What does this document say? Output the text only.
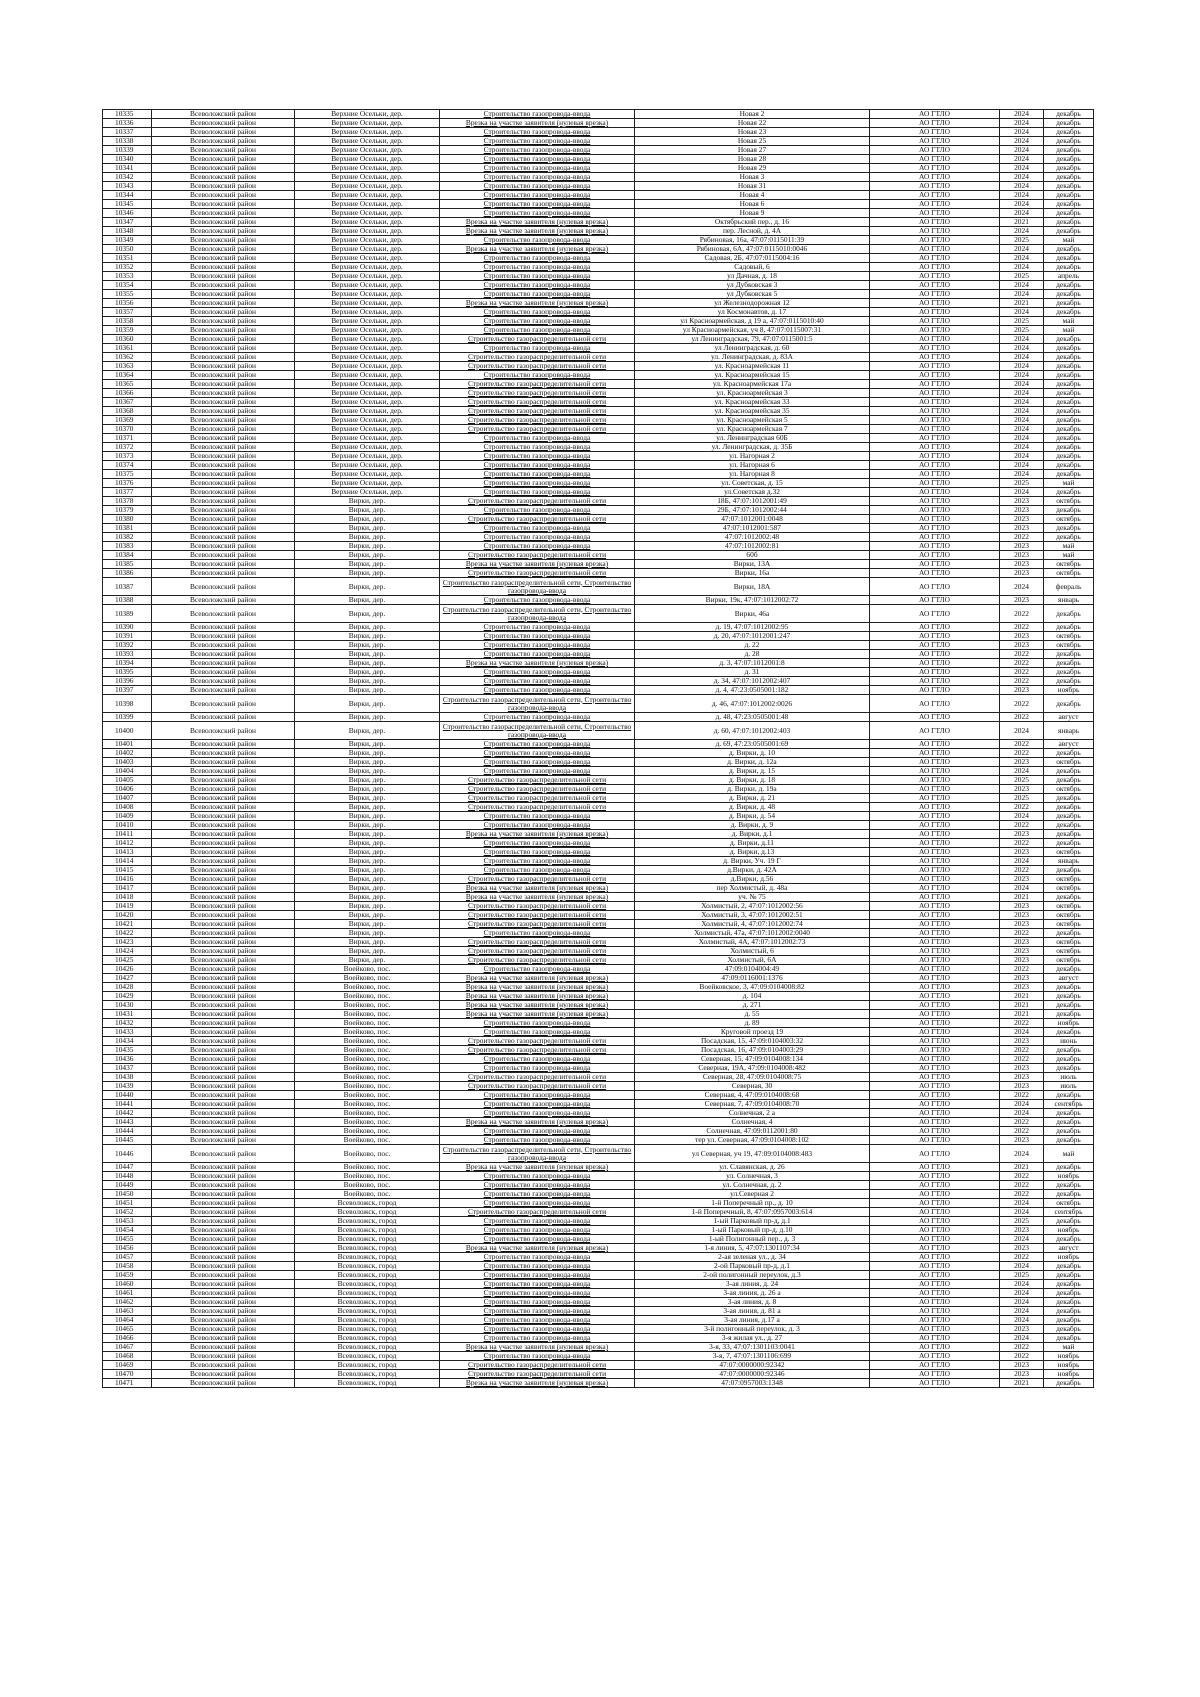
10335	Всеволожский район	Верхние Осельки, дер.	Строительство газопровода-ввода	Новая 2	АО ГТЛО	2024	декабрь
10336	Всеволожский район	Верхние Осельки, дер.	Врезка на участке заявителя (нулевая врезка)	Новая 22	АО ГТЛО	2024	декабрь
10337	Всеволожский район	Верхние Осельки, дер.	Строительство газопровода-ввода	Новая 23	АО ГТЛО	2024	декабрь
10338	Всеволожский район	Верхние Осельки, дер.	Строительство газопровода-ввода	Новая 25	АО ГТЛО	2024	декабрь
10339	Всеволожский район	Верхние Осельки, дер.	Строительство газопровода-ввода	Новая 27	АО ГТЛО	2024	декабрь
10340	Всеволожский район	Верхние Осельки, дер.	Строительство газопровода-ввода	Новая 28	АО ГТЛО	2024	декабрь
10341	Всеволожский район	Верхние Осельки, дер.	Строительство газопровода-ввода	Новая 29	АО ГТЛО	2024	декабрь
10342	Всеволожский район	Верхние Осельки, дер.	Строительство газопровода-ввода	Новая 3	АО ГТЛО	2024	декабрь
10343	Всеволожский район	Верхние Осельки, дер.	Строительство газопровода-ввода	Новая 31	АО ГТЛО	2024	декабрь
10344	Всеволожский район	Верхние Осельки, дер.	Строительство газопровода-ввода	Новая 4	АО ГТЛО	2024	декабрь
10345	Всеволожский район	Верхние Осельки, дер.	Строительство газопровода-ввода	Новая 6	АО ГТЛО	2024	декабрь
10346	Всеволожский район	Верхние Осельки, дер.	Строительство газопровода-ввода	Новая 9	АО ГТЛО	2024	декабрь
10347	Всеволожский район	Верхние Осельки, дер.	Врезка на участке заявителя (нулевая врезка)	Октябрьский пер., д. 16	АО ГТЛО	2021	декабрь
10348	Всеволожский район	Верхние Осельки, дер.	Врезка на участке заявителя (нулевая врезка)	пер. Лесной, д. 4А	АО ГТЛО	2024	декабрь
10349	Всеволожский район	Верхние Осельки, дер.	Строительство газопровода-ввода	Рябиновая, 16а, 47:07:0115011:39	АО ГТЛО	2025	май
10350	Всеволожский район	Верхние Осельки, дер.	Врезка на участке заявителя (нулевая врезка)	Рябиновая, 6А, 47:07:0115010:0046	АО ГТЛО	2024	декабрь
10351	Всеволожский район	Верхние Осельки, дер.	Строительство газопровода-ввода	Садовая, 2Б, 47:07:0115004:16	АО ГТЛО	2024	декабрь
10352	Всеволожский район	Верхние Осельки, дер.	Строительство газопровода-ввода	Садовый, 6	АО ГТЛО	2024	декабрь
10353	Всеволожский район	Верхние Осельки, дер.	Строительство газопровода-ввода	ул Дачная, д. 18	АО ГТЛО	2025	апрель
10354	Всеволожский район	Верхние Осельки, дер.	Строительство газопровода-ввода	ул Дубковская 3	АО ГТЛО	2024	декабрь
10355	Всеволожский район	Верхние Осельки, дер.	Строительство газопровода-ввода	ул Дубковская 5	АО ГТЛО	2024	декабрь
10356	Всеволожский район	Верхние Осельки, дер.	Врезка на участке заявителя (нулевая врезка)	ул Железнодорожная 12	АО ГТЛО	2021	декабрь
10357	Всеволожский район	Верхние Осельки, дер.	Строительство газопровода-ввода	ул Космонавтов, д. 17	АО ГТЛО	2024	декабрь
10358	Всеволожский район	Верхние Осельки, дер.	Строительство газопровода-ввода	ул Красноармейская, д 19 а, 47:07:0115010:40	АО ГТЛО	2025	май
10359	Всеволожский район	Верхние Осельки, дер.	Строительство газопровода-ввода	ул Красноармейская, уч 8, 47:07:0115007:31	АО ГТЛО	2025	май
10360	Всеволожский район	Верхние Осельки, дер.	Строительство газораспределительной сети	ул Ленинградская, 79, 47:07:0115001:5	АО ГТЛО	2024	декабрь
10361	Всеволожский район	Верхние Осельки, дер.	Строительство газопровода-ввода	ул Ленинградская, д. 60	АО ГТЛО	2024	декабрь
10362	Всеволожский район	Верхние Осельки, дер.	Строительство газораспределительной сети	ул. Ленинградская, д. 83А	АО ГТЛО	2024	декабрь
10363	Всеволожский район	Верхние Осельки, дер.	Строительство газораспределительной сети	ул. Красноармейская 11	АО ГТЛО	2024	декабрь
10364	Всеволожский район	Верхние Осельки, дер.	Строительство газопровода-ввода	ул. Красноармейская 15	АО ГТЛО	2024	декабрь
10365	Всеволожский район	Верхние Осельки, дер.	Строительство газораспределительной сети	ул. Красноармейская 17а	АО ГТЛО	2024	декабрь
10366	Всеволожский район	Верхние Осельки, дер.	Строительство газораспределительной сети	ул. Красноармейская 3	АО ГТЛО	2024	декабрь
10367	Всеволожский район	Верхние Осельки, дер.	Строительство газораспределительной сети	ул. Красноармейская 33	АО ГТЛО	2024	декабрь
10368	Всеволожский район	Верхние Осельки, дер.	Строительство газораспределительной сети	ул. Красноармейская 35	АО ГТЛО	2024	декабрь
10369	Всеволожский район	Верхние Осельки, дер.	Строительство газораспределительной сети	ул. Красноармейская 5	АО ГТЛО	2024	декабрь
10370	Всеволожский район	Верхние Осельки, дер.	Строительство газораспределительной сети	ул. Красноармейская 7	АО ГТЛО	2024	декабрь
10371	Всеволожский район	Верхние Осельки, дер.	Строительство газопровода-ввода	ул. Ленинградская 60Б	АО ГТЛО	2024	декабрь
10372	Всеволожский район	Верхние Осельки, дер.	Строительство газопровода-ввода	ул. Ленинградская, д. 35Б	АО ГТЛО	2024	декабрь
10373	Всеволожский район	Верхние Осельки, дер.	Строительство газопровода-ввода	ул. Нагорная 2	АО ГТЛО	2024	декабрь
10374	Всеволожский район	Верхние Осельки, дер.	Строительство газопровода-ввода	ул. Нагорная 6	АО ГТЛО	2024	декабрь
10375	Всеволожский район	Верхние Осельки, дер.	Строительство газопровода-ввода	ул. Нагорная 8	АО ГТЛО	2024	декабрь
10376	Всеволожский район	Верхние Осельки, дер.	Строительство газопровода-ввода	ул. Советская, д. 15	АО ГТЛО	2025	май
10377	Всеволожский район	Верхние Осельки, дер.	Строительство газопровода-ввода	ул.Советская д.32	АО ГТЛО	2024	декабрь
10378	Всеволожский район	Вирки, дер.	Строительство газораспределительной сети	18Б, 47:07:1012001:49	АО ГТЛО	2023	октябрь
10379	Всеволожский район	Вирки, дер.	Строительство газопровода-ввода	29Б, 47:07:1012002:44	АО ГТЛО	2023	декабрь
10380	Всеволожский район	Вирки, дер.	Строительство газораспределительной сети	47:07:1012001:0048	АО ГТЛО	2023	октябрь
10381	Всеволожский район	Вирки, дер.	Строительство газопровода-ввода	47:07:1012001:587	АО ГТЛО	2023	декабрь
10382	Всеволожский район	Вирки, дер.	Строительство газопровода-ввода	47:07:1012002:48	АО ГТЛО	2022	декабрь
10383	Всеволожский район	Вирки, дер.	Строительство газопровода-ввода	47:07:1012002:81	АО ГТЛО	2023	май
10384	Всеволожский район	Вирки, дер.	Строительство газораспределительной сети	60б	АО ГТЛО	2023	май
10385	Всеволожский район	Вирки, дер.	Врезка на участке заявителя (нулевая врезка)	Вирки, 13А	АО ГТЛО	2023	октябрь
10386	Всеволожский район	Вирки, дер.	Строительство газораспределительной сети	Вирки, 16а	АО ГТЛО	2023	октябрь
10387	Всеволожский район	Вирки, дер.	Строительство газораспределительной сети, Строительство газопровода-ввода	Вирки, 18А	АО ГТЛО	2024	февраль
10388	Всеволожский район	Вирки, дер.	Строительство газопровода-ввода	Вирки, 19к, 47:07:1012002:72	АО ГТЛО	2023	январь
10389	Всеволожский район	Вирки, дер.	Строительство газораспределительной сети, Строительство газопровода-ввода	Вирки, 46а	АО ГТЛО	2022	декабрь
10390	Всеволожский район	Вирки, дер.	Строительство газопровода-ввода	д. 19, 47:07:1012002:95	АО ГТЛО	2022	декабрь
10391	Всеволожский район	Вирки, дер.	Строительство газопровода-ввода	д. 20, 47:07:1012001:247	АО ГТЛО	2023	октябрь
10392	Всеволожский район	Вирки, дер.	Строительство газопровода-ввода	д. 22	АО ГТЛО	2023	октябрь
10393	Всеволожский район	Вирки, дер.	Строительство газопровода-ввода	д. 28	АО ГТЛО	2022	декабрь
10394	Всеволожский район	Вирки, дер.	Врезка на участке заявителя (нулевая врезка)	д. 3, 47:07:1012001:8	АО ГТЛО	2022	декабрь
10395	Всеволожский район	Вирки, дер.	Строительство газопровода-ввода	д. 31	АО ГТЛО	2022	декабрь
10396	Всеволожский район	Вирки, дер.	Строительство газопровода-ввода	д. 34, 47:07:1012002:407	АО ГТЛО	2022	декабрь
10397	Всеволожский район	Вирки, дер.	Строительство газопровода-ввода	д. 4, 47:23:0505001:182	АО ГТЛО	2023	ноябрь
10398	Всеволожский район	Вирки, дер.	Строительство газораспределительной сети, Строительство газопровода-ввода	д. 46, 47:07:1012002:0026	АО ГТЛО	2022	декабрь
10399	Всеволожский район	Вирки, дер.	Строительство газопровода-ввода	д. 48, 47:23:0505001:48	АО ГТЛО	2022	август
10400	Всеволожский район	Вирки, дер.	Строительство газораспределительной сети, Строительство газопровода-ввода	д. 60, 47:07:1012002:403	АО ГТЛО	2024	январь
10401	Всеволожский район	Вирки, дер.	Строительство газопровода-ввода	д. 69, 47:23:0505001:69	АО ГТЛО	2022	август
10402	Всеволожский район	Вирки, дер.	Строительство газопровода-ввода	д. Вирки, д. 10	АО ГТЛО	2022	декабрь
10403	Всеволожский район	Вирки, дер.	Строительство газопровода-ввода	д. Вирки, д. 12а	АО ГТЛО	2023	октябрь
10404	Всеволожский район	Вирки, дер.	Строительство газопровода-ввода	д. Вирки, д. 15	АО ГТЛО	2024	декабрь
10405	Всеволожский район	Вирки, дер.	Строительство газораспределительной сети	д. Вирки, д. 18	АО ГТЛО	2025	декабрь
10406	Всеволожский район	Вирки, дер.	Строительство газораспределительной сети	д. Вирки, д. 19а	АО ГТЛО	2023	октябрь
10407	Всеволожский район	Вирки, дер.	Строительство газораспределительной сети	д. Вирки, д. 21	АО ГТЛО	2025	декабрь
10408	Всеволожский район	Вирки, дер.	Строительство газораспределительной сети	д. Вирки, д. 48	АО ГТЛО	2022	декабрь
10409	Всеволожский район	Вирки, дер.	Строительство газопровода-ввода	д. Вирки, д. 54	АО ГТЛО	2024	декабрь
10410	Всеволожский район	Вирки, дер.	Строительство газопровода-ввода	д. Вирки, д. 9	АО ГТЛО	2022	декабрь
10411	Всеволожский район	Вирки, дер.	Врезка на участке заявителя (нулевая врезка)	д. Вирки, д.1	АО ГТЛО	2023	декабрь
10412	Всеволожский район	Вирки, дер.	Строительство газопровода-ввода	д. Вирки, д.11	АО ГТЛО	2022	декабрь
10413	Всеволожский район	Вирки, дер.	Строительство газопровода-ввода	д. Вирки, д.13	АО ГТЛО	2023	октябрь
10414	Всеволожский район	Вирки, дер.	Строительство газопровода-ввода	д. Вирки, Уч. 19 Г	АО ГТЛО	2024	январь
10415	Всеволожский район	Вирки, дер.	Строительство газопровода-ввода	д.Вирки, д. 42А	АО ГТЛО	2022	декабрь
10416	Всеволожский район	Вирки, дер.	Строительство газораспределительной сети	д.Вирки, д.56	АО ГТЛО	2023	октябрь
10417	Всеволожский район	Вирки, дер.	Врезка на участке заявителя (нулевая врезка)	пер Холмистый, д. 48а	АО ГТЛО	2024	октябрь
10418	Всеволожский район	Вирки, дер.	Врезка на участке заявителя (нулевая врезка)	уч. № 75	АО ГТЛО	2021	декабрь
10419	Всеволожский район	Вирки, дер.	Строительство газораспределительной сети	Холмистый, 2, 47:07:1012002:56	АО ГТЛО	2023	октябрь
10420	Всеволожский район	Вирки, дер.	Строительство газораспределительной сети	Холмистый, 3, 47:07:1012002:51	АО ГТЛО	2023	октябрь
10421	Всеволожский район	Вирки, дер.	Строительство газораспределительной сети	Холмистый, 4, 47:07:1012002:74	АО ГТЛО	2023	октябрь
10422	Всеволожский район	Вирки, дер.	Строительство газопровода-ввода	Холмистый, 47а, 47:07:1012002:0040	АО ГТЛО	2022	декабрь
10423	Всеволожский район	Вирки, дер.	Строительство газораспределительной сети	Холмистый, 4А, 47:07:1012002:73	АО ГТЛО	2023	октябрь
10424	Всеволожский район	Вирки, дер.	Строительство газораспределительной сети	Холмистый, 6	АО ГТЛО	2023	октябрь
10425	Всеволожский район	Вирки, дер.	Строительство газораспределительной сети	Холмистый, 6А	АО ГТЛО	2023	октябрь
10426	Всеволожский район	Воейково, пос.	Строительство газопровода-ввода	47:09:0104004:49	АО ГТЛО	2022	декабрь
10427	Всеволожский район	Воейково, пос.	Врезка на участке заявителя (нулевая врезка)	47:09:0116001:1376	АО ГТЛО	2023	август
10428	Всеволожский район	Воейково, пос.	Врезка на участке заявителя (нулевая врезка)	Воейковское, 3, 47:09:0104008:82	АО ГТЛО	2023	декабрь
10429	Всеволожский район	Воейково, пос.	Врезка на участке заявителя (нулевая врезка)	д. 104	АО ГТЛО	2021	декабрь
10430	Всеволожский район	Воейково, пос.	Врезка на участке заявителя (нулевая врезка)	д. 271	АО ГТЛО	2021	декабрь
10431	Всеволожский район	Воейково, пос.	Врезка на участке заявителя (нулевая врезка)	д. 55	АО ГТЛО	2021	декабрь
10432	Всеволожский район	Воейково, пос.	Строительство газопровода-ввода	д. 89	АО ГТЛО	2022	ноябрь
10433	Всеволожский район	Воейково, пос.	Строительство газопровода-ввода	Круговой проезд 19	АО ГТЛО	2024	декабрь
10434	Всеволожский район	Воейково, пос.	Строительство газораспределительной сети	Посадская, 15, 47:09:0104003:32	АО ГТЛО	2023	июнь
10435	Всеволожский район	Воейково, пос.	Строительство газораспределительной сети	Посадская, 16, 47:09:0104003:29	АО ГТЛО	2022	декабрь
10436	Всеволожский район	Воейково, пос.	Строительство газопровода-ввода	Северная, 15, 47:09:0104008:134	АО ГТЛО	2022	декабрь
10437	Всеволожский район	Воейково, пос.	Строительство газопровода-ввода	Северная, 19А, 47:09:0104008:482	АО ГТЛО	2023	декабрь
10438	Всеволожский район	Воейково, пос.	Строительство газораспределительной сети	Северная, 28, 47:09:0104008:75	АО ГТЛО	2023	июль
10439	Всеволожский район	Воейково, пос.	Строительство газораспределительной сети	Северная, 30	АО ГТЛО	2023	июль
10440	Всеволожский район	Воейково, пос.	Строительство газопровода-ввода	Северная, 4, 47:09:0104008:68	АО ГТЛО	2022	декабрь
10441	Всеволожский район	Воейково, пос.	Строительство газопровода-ввода	Северная, 7, 47:09:0104008:70	АО ГТЛО	2024	сентябрь
10442	Всеволожский район	Воейково, пос.	Строительство газопровода-ввода	Солнечная, 2 а	АО ГТЛО	2024	декабрь
10443	Всеволожский район	Воейково, пос.	Врезка на участке заявителя (нулевая врезка)	Солнечная, 4	АО ГТЛО	2022	декабрь
10444	Всеволожский район	Воейково, пос.	Строительство газопровода-ввода	Солнечная, 47:09:0112001:80	АО ГТЛО	2022	декабрь
10445	Всеволожский район	Воейково, пос.	Строительство газопровода-ввода	тер ул. Северная, 47:09:0104008:102	АО ГТЛО	2023	декабрь
10446	Всеволожский район	Воейково, пос.	Строительство газораспределительной сети, Строительство газопровода-ввода	ул Северная, уч 19, 47:09:0104008:483	АО ГТЛО	2024	май
10447	Всеволожский район	Воейково, пос.	Врезка на участке заявителя (нулевая врезка)	ул. Славянская, д. 26	АО ГТЛО	2021	декабрь
10448	Всеволожский район	Воейково, пос.	Строительство газопровода-ввода	ул. Солнечная, 3	АО ГТЛО	2022	ноябрь
10449	Всеволожский район	Воейково, пос.	Строительство газопровода-ввода	ул. Солнечная, д. 2	АО ГТЛО	2022	декабрь
10450	Всеволожский район	Воейково, пос.	Строительство газопровода-ввода	ул.Северная 2	АО ГТЛО	2022	декабрь
10451	Всеволожский район	Всеволожск, город	Строительство газопровода-ввода	1-й Поперечный пр., д. 10	АО ГТЛО	2024	октябрь
10452	Всеволожский район	Всеволожск, город	Строительство газораспределительной сети	1-й Поперечный, 8, 47:07:0957003:614	АО ГТЛО	2024	сентябрь
10453	Всеволожский район	Всеволожск, город	Строительство газопровода-ввода	1-ый Парковый пр-д, д.1	АО ГТЛО	2025	декабрь
10454	Всеволожский район	Всеволожск, город	Строительство газопровода-ввода	1-ый Парковый пр-д, д.10	АО ГТЛО	2023	ноябрь
10455	Всеволожский район	Всеволожск, город	Строительство газопровода-ввода	1-ый Полигонный пер., д. 3	АО ГТЛО	2024	декабрь
10456	Всеволожский район	Всеволожск, город	Врезка на участке заявителя (нулевая врезка)	1-я линия, 5, 47:07:1301107:34	АО ГТЛО	2023	август
10457	Всеволожский район	Всеволожск, город	Строительство газопровода-ввода	2-ая зеленая ул., д. 34	АО ГТЛО	2022	ноябрь
10458	Всеволожский район	Всеволожск, город	Строительство газопровода-ввода	2-ой Парковый пр-д, д.1	АО ГТЛО	2024	декабрь
10459	Всеволожский район	Всеволожск, город	Строительство газопровода-ввода	2-ой полигонный переулок, д.3	АО ГТЛО	2025	декабрь
10460	Всеволожский район	Всеволожск, город	Строительство газопровода-ввода	3-ая линия, д. 24	АО ГТЛО	2024	декабрь
10461	Всеволожский район	Всеволожск, город	Строительство газопровода-ввода	3-ая линия, д. 26 а	АО ГТЛО	2024	декабрь
10462	Всеволожский район	Всеволожск, город	Строительство газопровода-ввода	3-ая линия, д. 8	АО ГТЛО	2024	декабрь
10463	Всеволожский район	Всеволожск, город	Строительство газопровода-ввода	3-ая линия, д. 81 а	АО ГТЛО	2024	декабрь
10464	Всеволожский район	Всеволожск, город	Строительство газопровода-ввода	3-ая линия, д.17 а	АО ГТЛО	2024	декабрь
10465	Всеволожский район	Всеволожск, город	Строительство газопровода-ввода	3-й полигонный переулок, д. 3	АО ГТЛО	2023	декабрь
10466	Всеволожский район	Всеволожск, город	Строительство газопровода-ввода	3-я жилая ул., д. 27	АО ГТЛО	2024	декабрь
10467	Всеволожский район	Всеволожск, город	Врезка на участке заявителя (нулевая врезка)	3-я, 33, 47:07:1301103:0041	АО ГТЛО	2022	май
10468	Всеволожский район	Всеволожск, город	Строительство газопровода-ввода	3-я, 7, 47:07:1301106:699	АО ГТЛО	2022	ноябрь
10469	Всеволожский район	Всеволожск, город	Строительство газораспределительной сети	47:07:0000000:92342	АО ГТЛО	2023	ноябрь
10470	Всеволожский район	Всеволожск, город	Строительство газораспределительной сети	47:07:0000000:92346	АО ГТЛО	2023	ноябрь
10471	Всеволожский район	Всеволожск, город	Врезка на участке заявителя (нулевая врезка)	47:07:0957003:1348	АО ГТЛО	2021	декабрь
